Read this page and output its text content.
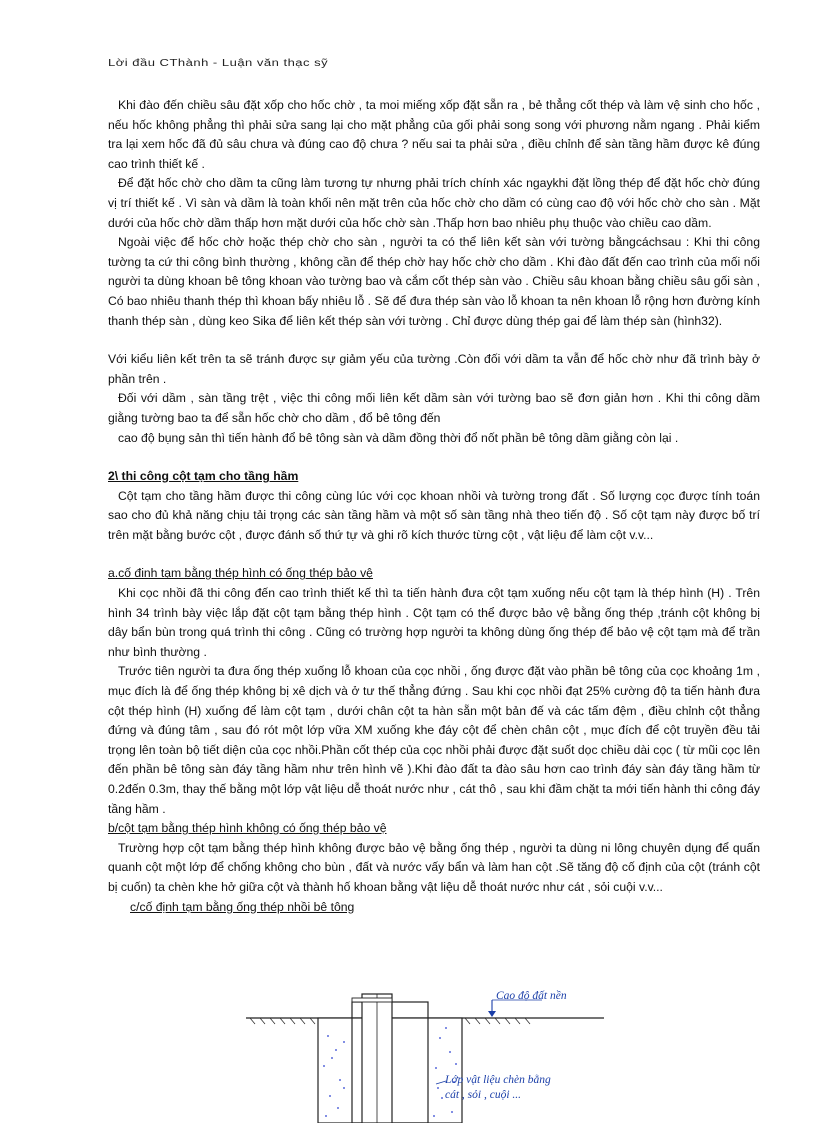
Lời đầu CThành - Luận văn thạc sỹ

Khi đào đến chiều sâu đặt xốp cho hốc chờ , ta moi miếng xốp đặt sẵn ra , bẻ thẳng cốt thép và làm vệ sinh cho hốc , nếu hốc không phẳng thì phải sửa sang lại cho mặt phẳng của gối phải song song với phương nằm ngang . Phải kiểm tra lại xem hốc đã đủ sâu chưa và đúng cao độ chưa ? nếu sai ta phải sửa , điều chỉnh để sàn tầng hầm được kê đúng cao trình thiết kế .

Để đặt hốc chờ cho dầm ta cũng làm tương tự nhưng phải trích chính xác ngaykhi đặt lồng thép để đặt hốc chờ đúng vị trí thiết kế . Vì sàn và dầm là toàn khối nên mặt trên của hốc chờ cho dầm có cùng cao độ với hốc chờ cho sàn . Mặt dưới của hốc chờ dầm thấp hơn mặt dưới của hốc chờ sàn .Thấp hơn bao nhiêu phụ thuộc vào chiều cao dầm.

Ngoài việc để hốc chờ hoặc thép chờ cho sàn , người ta có thể liên kết sàn với tường bằngcáchsau : Khi thi công tường ta cứ thi công bình thường , không cần để thép chờ hay hốc chờ cho dầm . Khi đào đất đến cao trình của mối nối người ta dùng khoan bê tông khoan vào tường bao và cắm cốt thép sàn vào . Chiều sâu khoan bằng chiều sâu gối sàn , Có bao nhiêu thanh thép thì khoan bấy nhiêu lỗ . Sẽ để đưa thép sàn vào lỗ khoan ta nên khoan lỗ rộng hơn đường kính thanh thép sàn , dùng keo Sika để liên kết thép sàn với tường . Chỉ được dùng thép gai để làm thép sàn (hình32).

Với kiểu liên kết trên ta sẽ tránh được sự giảm yếu của tường .Còn đối với dầm ta vẫn để hốc chờ như đã trình bày ở phần trên .

Đối với dầm , sàn tầng trệt , việc thi công mối liên kết dầm sàn với tường bao sẽ đơn giản hơn . Khi thi công dầm giằng tường bao ta để sẵn hốc chờ cho dầm , đổ bê tông đến

cao độ bụng sản thì tiến hành đổ bê tông sàn và dầm đồng thời đổ nốt phần bê tông dầm giằng còn lại .

2\ thi công cột tạm cho tầng hầm

Cột tạm cho tầng hầm được thi công cùng lúc với cọc khoan nhồi và tường trong đất . Số lượng cọc được tính toán sao cho đủ khả năng chịu tải trọng các sàn tầng hầm và một số sàn tầng nhà theo tiến độ . Số cột tạm này được bố trí trên mặt bằng bước cột , được đánh số thứ tự và ghi rõ kích thước từng cột , vật liệu để làm cột v.v...

a.cố định tạm bằng thép hình có ống thép bảo vệ

Khi cọc nhồi đã thi công đến cao trình thiết kế thì ta tiến hành đưa cột tạm xuống nếu cột tạm là thép hình (H) . Trên hình 34 trình bày việc lắp đặt cột tạm bằng thép hình . Cột tạm có thể được bảo vệ bằng ống thép ,tránh cột không bị dây bẩn bùn trong quá trình thi công . Cũng có trường hợp người ta không dùng ống thép để bảo vệ cột tạm mà để trần như bình thường .

Trước tiên người ta đưa ống thép xuống lỗ khoan của cọc nhồi , ống được đặt vào phần bê tông của cọc khoảng 1m , mục đích là để ống thép không bị xê dịch và ở tư thế thẳng đứng . Sau khi cọc nhồi đạt 25% cường độ ta tiến hành đưa cột thép hình (H) xuống để làm cột tạm , dưới chân cột ta hàn sẵn một bản đế và các tấm đệm , điều chỉnh cột thẳng đứng và đúng tâm , sau đó rót một lớp vữa XM xuống khe đáy cột để chèn chân cột , mục đích để cột truyền đều tải trọng lên toàn bộ tiết diện của cọc nhồi.Phần cốt thép của cọc nhồi phải được đặt suốt dọc chiều dài cọc ( từ mũi cọc lên đến phần bê tông sàn đáy tầng hầm như trên hình vẽ ).Khi đào đất ta đào sâu hơn cao trình đáy sàn đáy tầng hầm từ 0.2đến 0.3m, thay thế bằng một lớp vật liệu dễ thoát nước như , cát thô , sau khi đầm chặt ta mới tiến hành thi công đáy tầng hầm .

b/cột tạm bằng thép hình không có ống thép bảo vệ

Trường hợp cột tạm bằng thép hình không được bảo vệ bằng ống thép , người ta dùng ni lông chuyên dụng để quấn quanh cột một lớp để chống không cho bùn , đất và nước vấy bẩn và làm han cột .Sẽ tăng độ cố định của cột (tránh cột bị cuốn) ta chèn khe hở giữa cột và thành hố khoan bằng vật liệu dễ thoát nước như cát , sỏi cuội v.v...

c/cố định tạm bằng ống thép nhồi bê tông

Cao độ đất nền
Lớp vật liệu chèn bằng
cát , sỏi , cuội ...
